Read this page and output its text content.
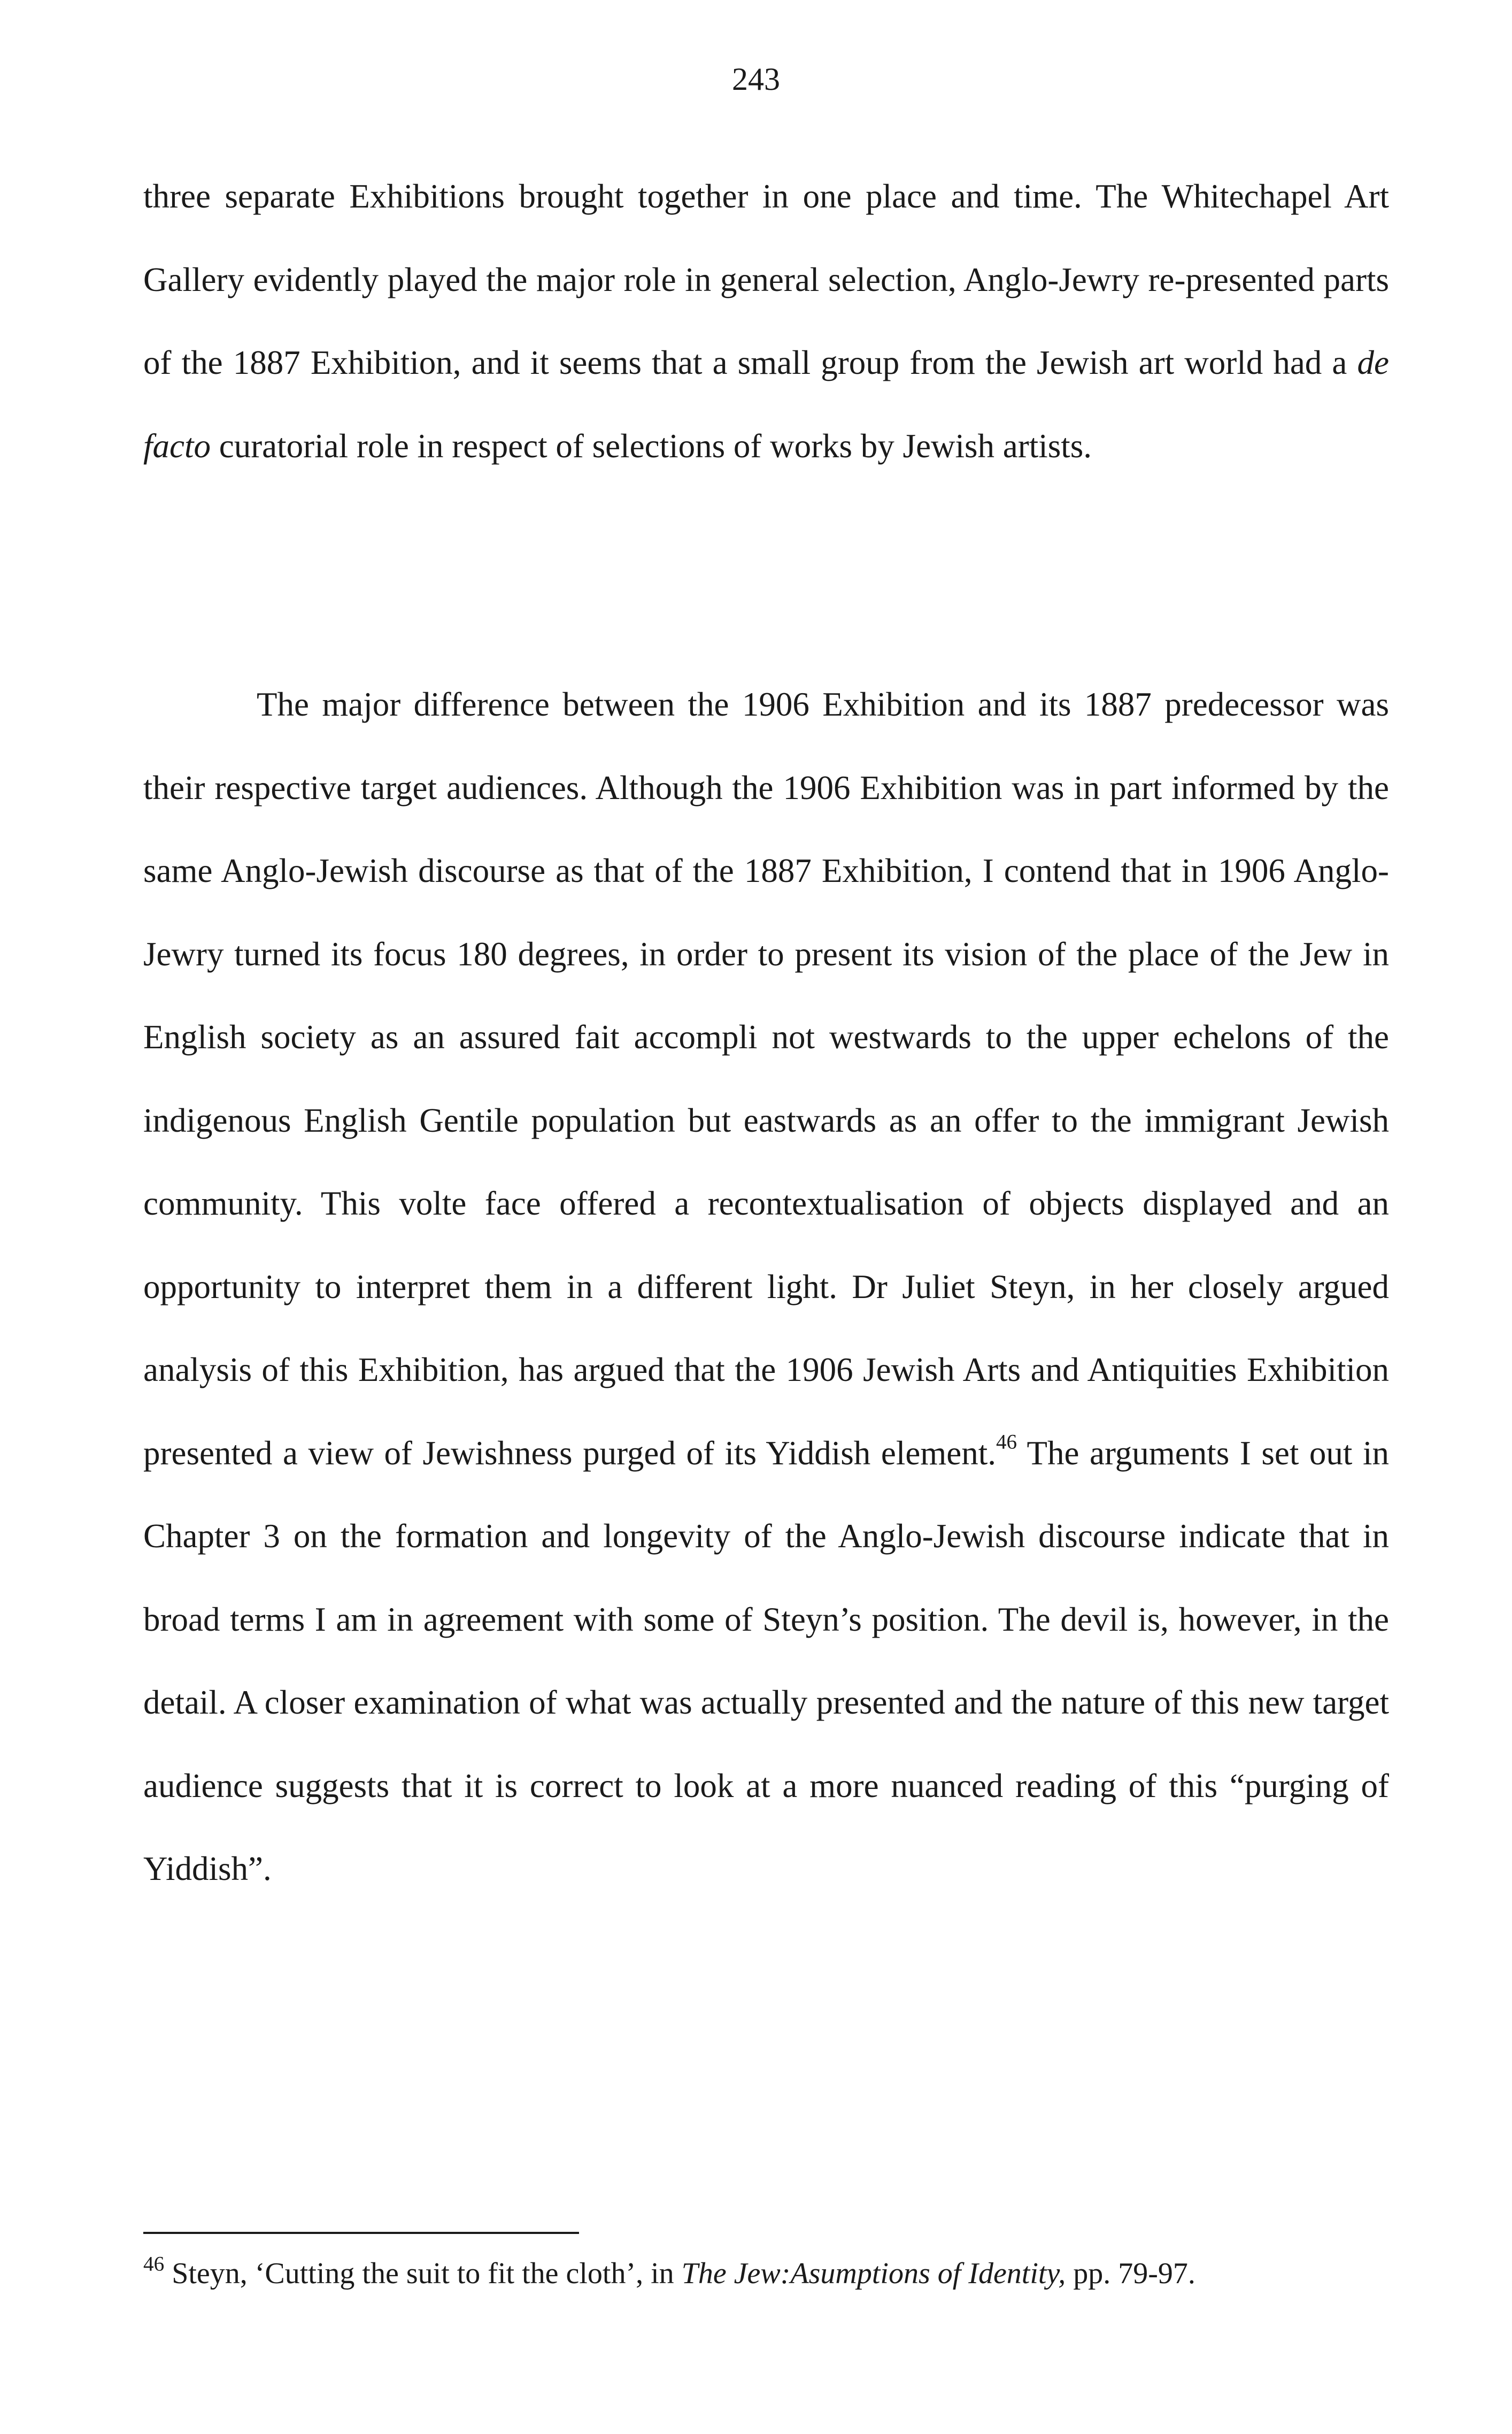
243

three separate Exhibitions brought together in one place and time. The Whitechapel Art Gallery evidently played the major role in general selection, Anglo-Jewry re-presented parts of the 1887 Exhibition, and it seems that a small group from the Jewish art world had a de facto curatorial role in respect of selections of works by Jewish artists.

The major difference between the 1906 Exhibition and its 1887 predecessor was their respective target audiences. Although the 1906 Exhibition was in part informed by the same Anglo-Jewish discourse as that of the 1887 Exhibition, I contend that in 1906 Anglo-Jewry turned its focus 180 degrees, in order to present its vision of the place of the Jew in English society as an assured fait accompli not westwards to the upper echelons of the indigenous English Gentile population but eastwards as an offer to the immigrant Jewish community. This volte face offered a recontextualisation of objects displayed and an opportunity to interpret them in a different light. Dr Juliet Steyn, in her closely argued analysis of this Exhibition, has argued that the 1906 Jewish Arts and Antiquities Exhibition presented a view of Jewishness purged of its Yiddish element.$^{46}$ The arguments I set out in Chapter 3 on the formation and longevity of the Anglo-Jewish discourse indicate that in broad terms I am in agreement with some of Steyn’s position. The devil is, however, in the detail. A closer examination of what was actually presented and the nature of this new target audience suggests that it is correct to look at a more nuanced reading of this “purging of Yiddish”.

$^{46}$ Steyn, ‘Cutting the suit to fit the cloth’, in The Jew:Asumptions of Identity, pp. 79-97.
